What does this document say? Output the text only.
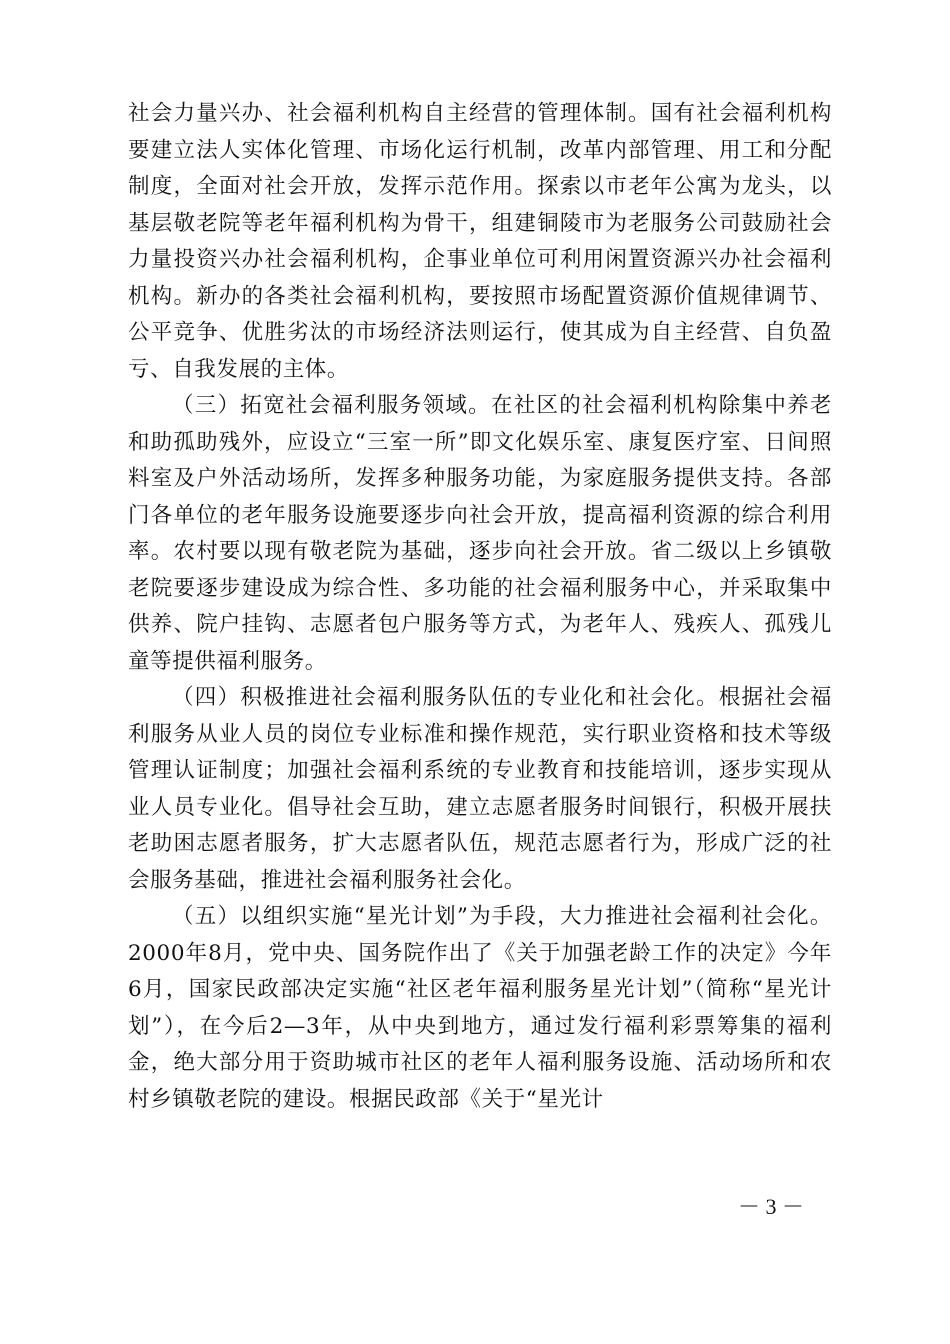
社会力量兴办、社会福利机构自主经营的管理体制。国有社会福利机构要建立法人实体化管理、市场化运行机制，改革内部管理、用工和分配制度，全面对社会开放，发挥示范作用。探索以市老年公寓为龙头，以基层敬老院等老年福利机构为骨干，组建铜陵市为老服务公司鼓励社会力量投资兴办社会福利机构，企事业单位可利用闲置资源兴办社会福利机构。新办的各类社会福利机构，要按照市场配置资源价值规律调节、公平竞争、优胜劣汰的市场经济法则运行，使其成为自主经营、自负盈亏、自我发展的主体。

（三）拓宽社会福利服务领域。在社区的社会福利机构除集中养老和助孤助残外，应设立“三室一所”即文化娱乐室、康复医疗室、日间照料室及户外活动场所，发挥多种服务功能，为家庭服务提供支持。各部门各单位的老年服务设施要逐步向社会开放，提高福利资源的综合利用率。农村要以现有敬老院为基础，逐步向社会开放。省二级以上乡镇敬老院要逐步建设成为综合性、多功能的社会福利服务中心，并采取集中供养、院户挂钩、志愿者包户服务等方式，为老年人、残疾人、孤残儿童等提供福利服务。

（四）积极推进社会福利服务队伍的专业化和社会化。根据社会福利服务从业人员的岗位专业标准和操作规范，实行职业资格和技术等级管理认证制度；加强社会福利系统的专业教育和技能培训，逐步实现从业人员专业化。倡导社会互助，建立志愿者服务时间银行，积极开展扶老助困志愿者服务，扩大志愿者队伍，规范志愿者行为，形成广泛的社会服务基础，推进社会福利服务社会化。

（五）以组织实施“星光计划”为手段，大力推进社会福利社会化。2000年8月，党中央、国务院作出了《关于加强老龄工作的决定》今年6月，国家民政部决定实施“社区老年福利服务星光计划”（简称“星光计划”），在今后2—3年，从中央到地方，通过发行福利彩票筹集的福利金，绝大部分用于资助城市社区的老年人福利服务设施、活动场所和农村乡镇敬老院的建设。根据民政部《关于“星光计

－ 3 －
